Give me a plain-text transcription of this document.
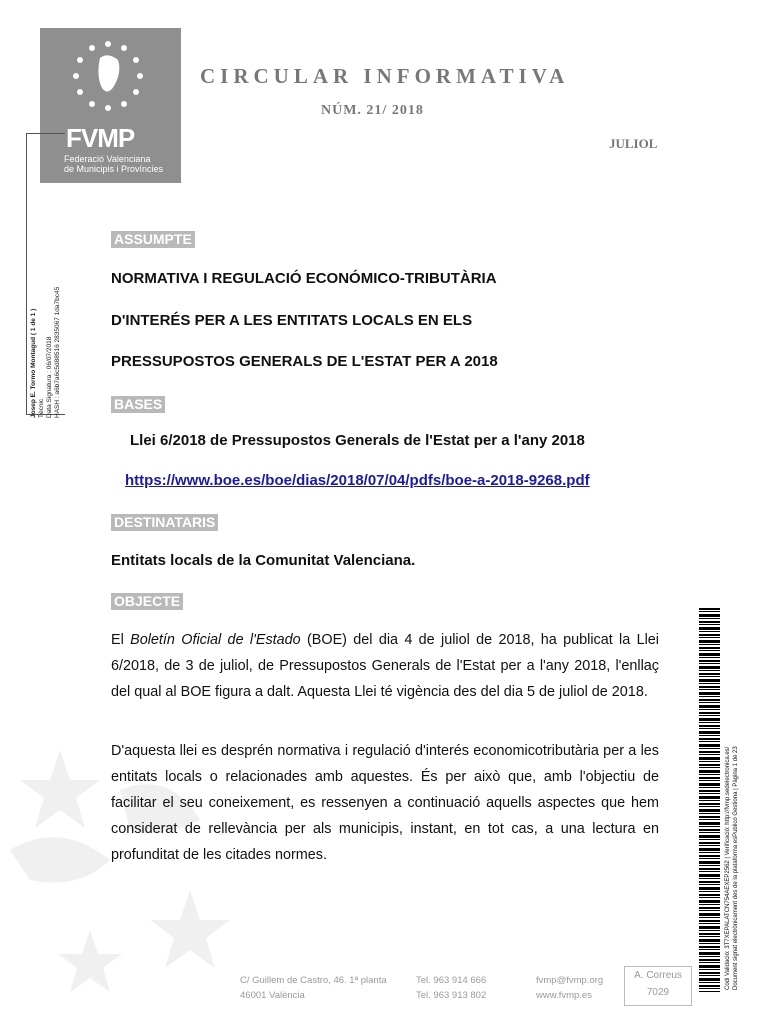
FVMP
Federació Valenciana
de Municipis i Províncies
Josep E. Tormo Montagud ( 1 de 1 ) Tècnic Data Signatura : 06/07/2018 HASH : a6b7a6c5d88516 2835067 1da7bc45
CIRCULAR INFORMATIVA
NÚM. 21/ 2018
JULIOL
ASSUMPTE
NORMATIVA I REGULACIÓ ECONÓMICO-TRIBUTÀRIA
D'INTERÉS PER A LES ENTITATS LOCALS EN ELS
PRESSUPOSTOS GENERALS DE L'ESTAT PER A 2018
BASES
Llei 6/2018 de Pressupostos Generals de l'Estat per a l'any 2018
https://www.boe.es/boe/dias/2018/07/04/pdfs/boe-a-2018-9268.pdf
DESTINATARIS
Entitats locals de la Comunitat Valenciana.
OBJECTE
El Boletín Oficial de l'Estado (BOE) del dia 4 de juliol de 2018, ha publicat la Llei 6/2018, de 3 de juliol, de Pressupostos Generals de l'Estat per a l'any 2018, l'enllaç del qual al BOE figura a dalt. Aquesta Llei té vigència des del dia 5 de juliol de 2018.
D'aquesta llei es desprén normativa i regulació d'interés economicotributària per a les entitats locals o relacionades amb aquestes. És per això que, amb l'objectiu de facilitar el seu coneixement, es ressenyen a continuació aquells aspectes que hem considerat de rellevància per als municipis, instant, en tot cas, a una lectura en profunditat de les citades normes.	Codi Validació: 3T7XEPALATCN754AEXEP2562 | Verificació: http://fvmp.sedelectronica.es/ Document signat electrònicament des de la plataforma esPublico Gestiona | Pàgina 1 de 23
C/ Guillem de Castro, 46. 1ª planta
46001 València
Tel. 963 914 666
Tel. 963 913 802
fvmp@fvmp.org
www.fvmp.es
A. Correus
7029
